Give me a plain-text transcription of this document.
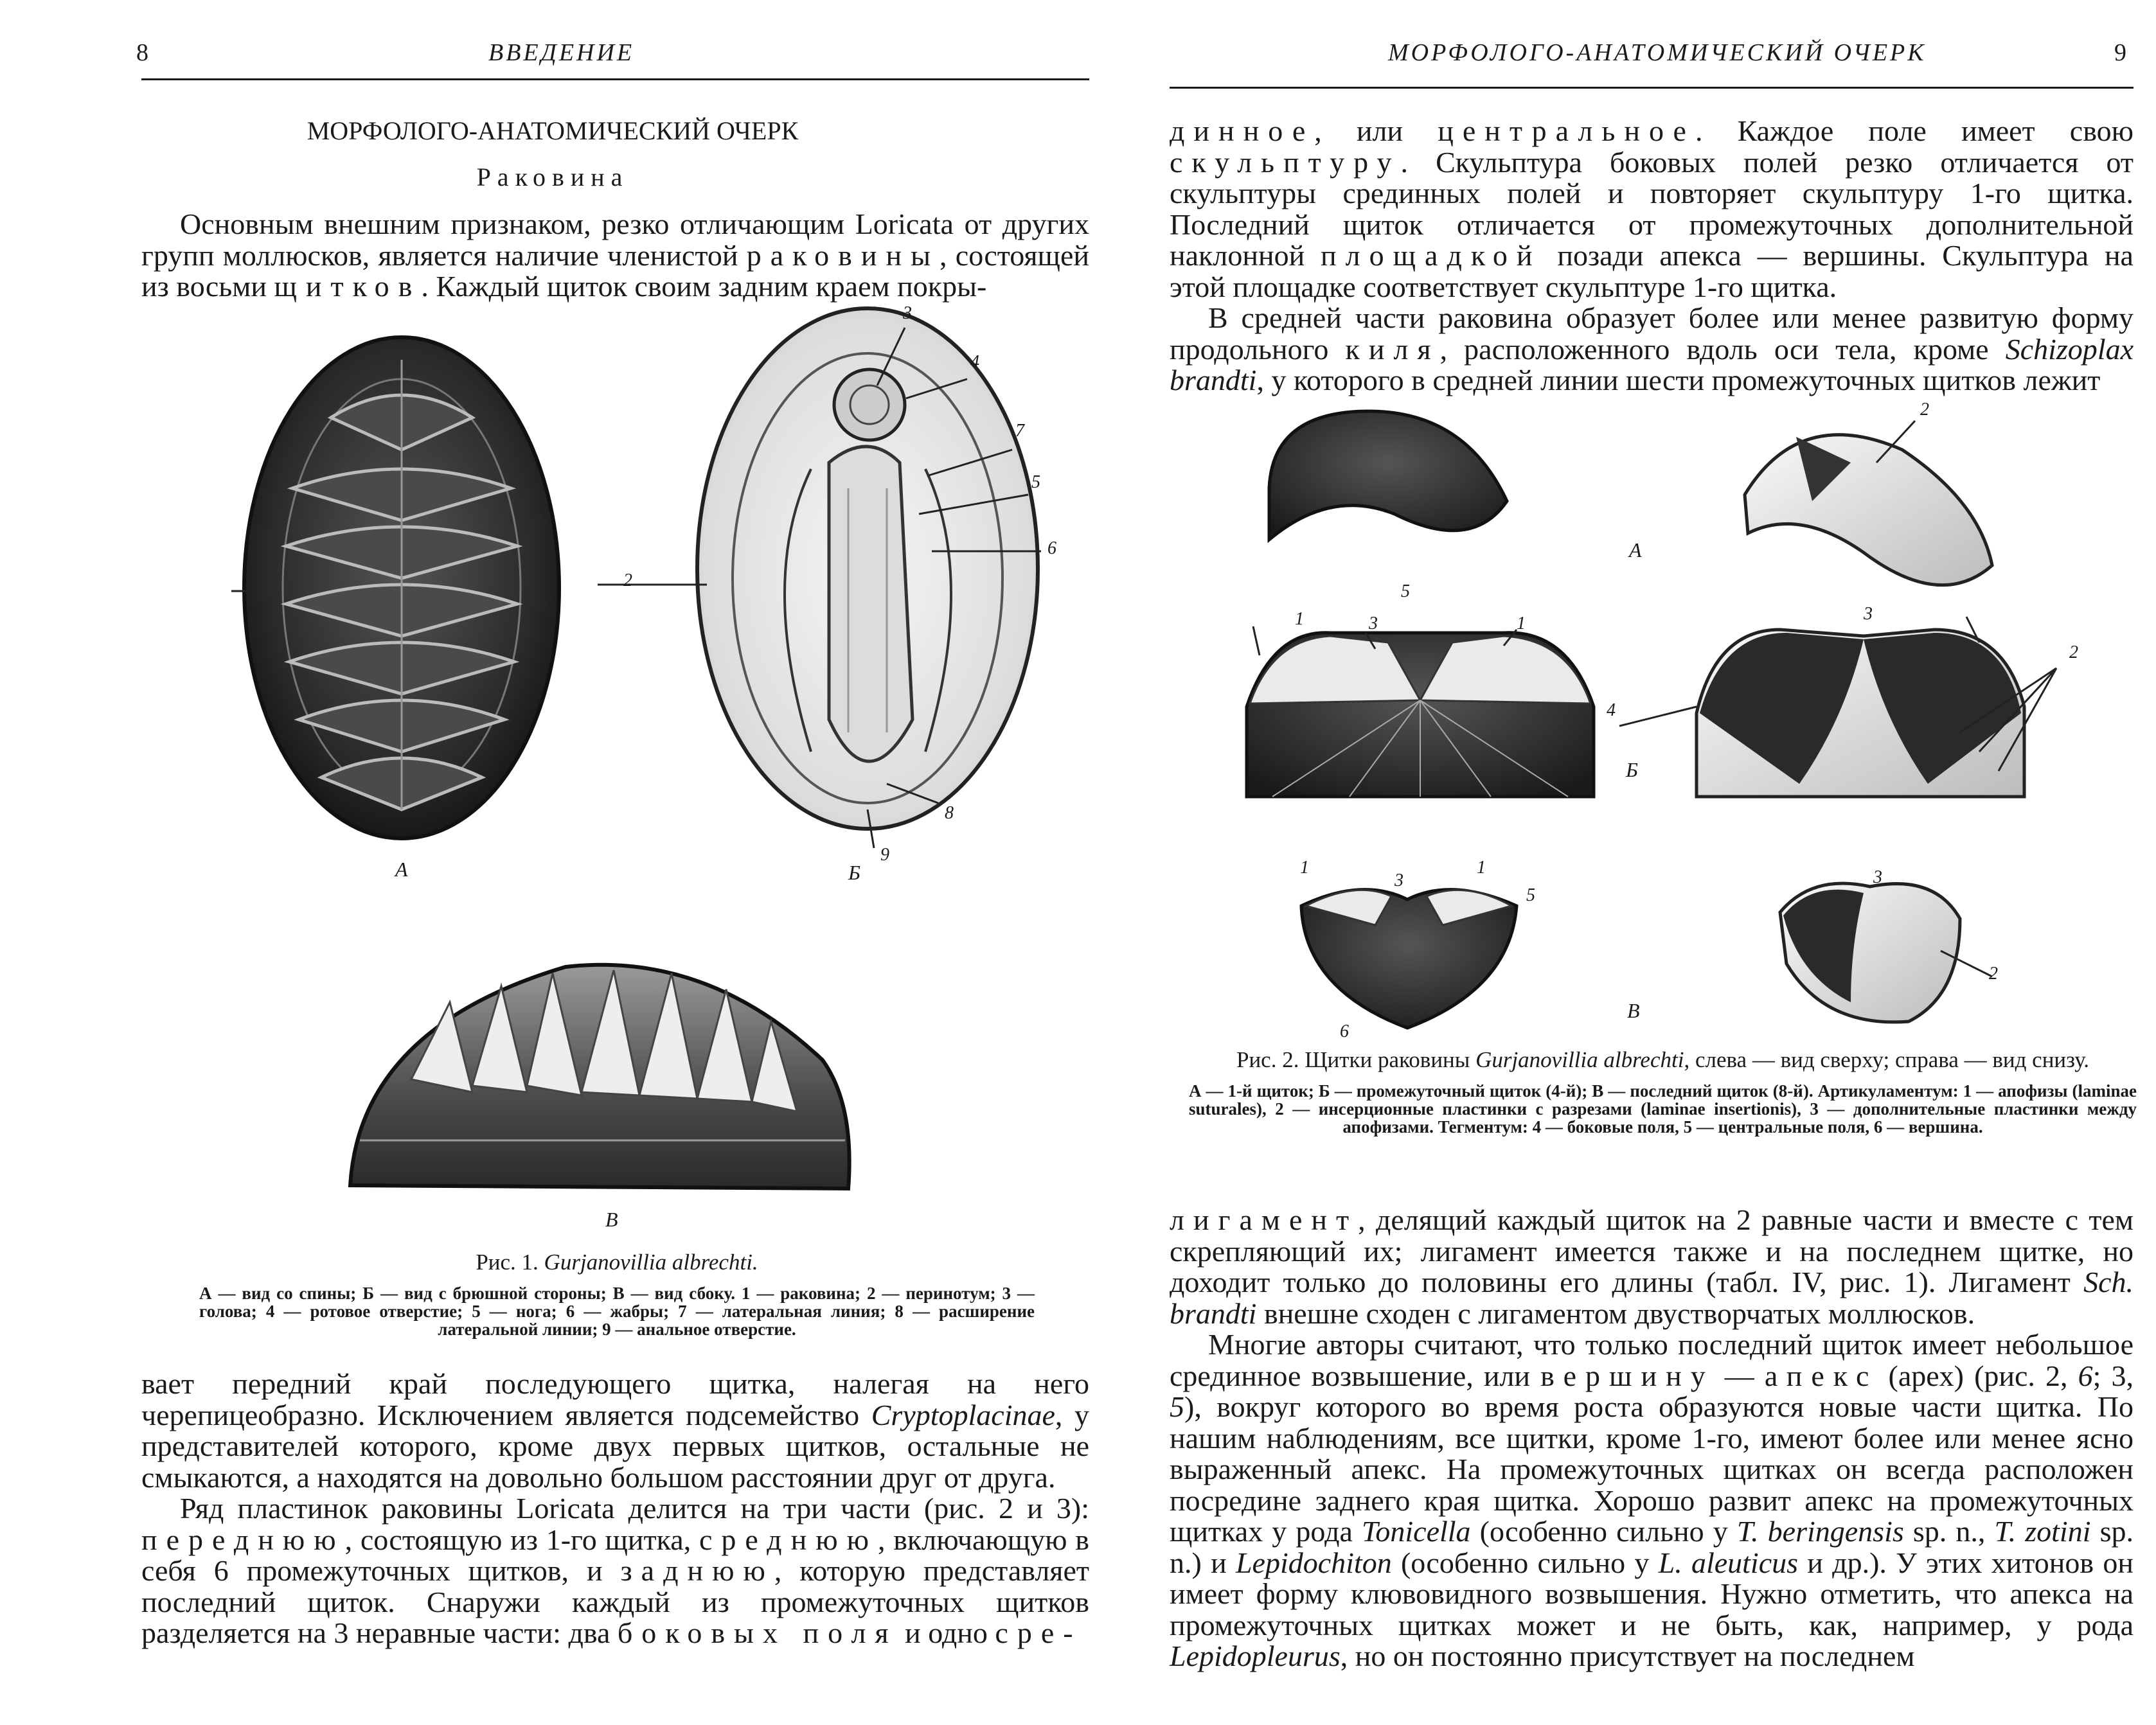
8	ВВЕДЕНИЕ
МОРФОЛОГО-АНАТОМИЧЕСКИЙ ОЧЕРК
Раковина

Основным внешним признаком, резко отличающим Loricata от других групп моллюсков, является наличие членистой раковины, состоящей из восьми щитков. Каждый щиток своим задним краем покры-

3
4
7
5
6
2
8
9
А	Б
В
Рис. 1. Gurjanovillia albrechti.
А — вид со спины; Б — вид с брюшной стороны; В — вид сбоку. 1 — раковина; 2 — перинотум; 3 — голова; 4 — ротовое отверстие; 5 — нога; 6 — жабры; 7 — латеральная линия; 8 — расширение латеральной линии; 9 — анальное отверстие.

вает передний край последующего щитка, налегая на него черепицеобразно. Исключением является подсемейство Cryptoplacinae, у представителей которого, кроме двух первых щитков, остальные не смыкаются, а находятся на довольно большом расстоянии друг от друга.

Ряд пластинок раковины Loricata делится на три части (рис. 2 и 3): переднюю, состоящую из 1-го щитка, среднюю, включающую в себя 6 промежуточных щитков, и заднюю, которую представляет последний щиток. Снаружи каждый из промежуточных щитков разделяется на 3 неравные части: два боковых поля и одно сре-

МОРФОЛОГО-АНАТОМИЧЕСКИЙ ОЧЕРК	9

динное, или центральное. Каждое поле имеет свою скульптуру. Скульптура боковых полей резко отличается от скульптуры срединных полей и повторяет скульптуру 1-го щитка. Последний щиток отличается от промежуточных дополнительной наклонной площадкой позади апекса — вершины. Скульптура на этой площадке соответствует скульптуре 1-го щитка.

В средней части раковина образует более или менее развитую форму продольного киля, расположенного вдоль оси тела, кроме Schizoplax brandti, у которого в средней линии шести промежуточных щитков лежит

2
А
1	3
5
1	3
2
4
Б
1
3
1
5
3
2
6
В
Рис. 2. Щитки раковины Gurjanovillia albrechti, слева — вид сверху; справа — вид снизу.
А — 1-й щиток; Б — промежуточный щиток (4-й); В — последний щиток (8-й). Артикуламентум: 1 — апофизы (laminae suturales), 2 — инсерционные пластинки с разрезами (laminae insertionis), 3 — дополнительные пластинки между апофизами. Тегментум: 4 — боковые поля, 5 — центральные поля, 6 — вершина.

лигамент, делящий каждый щиток на 2 равные части и вместе с тем скрепляющий их; лигамент имеется также и на последнем щитке, но доходит только до половины его длины (табл. IV, рис. 1). Лигамент Sch. brandti внешне сходен с лигаментом двустворчатых моллюсков.

Многие авторы считают, что только последний щиток имеет небольшое срединное возвышение, или вершину — апекс (apex) (рис. 2, 6; 3, 5), вокруг которого во время роста образуются новые части щитка. По нашим наблюдениям, все щитки, кроме 1-го, имеют более или менее ясно выраженный апекс. На промежуточных щитках он всегда расположен посредине заднего края щитка. Хорошо развит апекс на промежуточных щитках у рода Tonicella (особенно сильно у T. beringensis sp. n., T. zotini sp. n.) и Lepidochiton (особенно сильно у L. aleuticus и др.). У этих хитонов он имеет форму клювовидного возвышения. Нужно отметить, что апекса на промежуточных щитках может и не быть, как, например, у рода Lepidopleurus, но он постоянно присутствует на последнем
